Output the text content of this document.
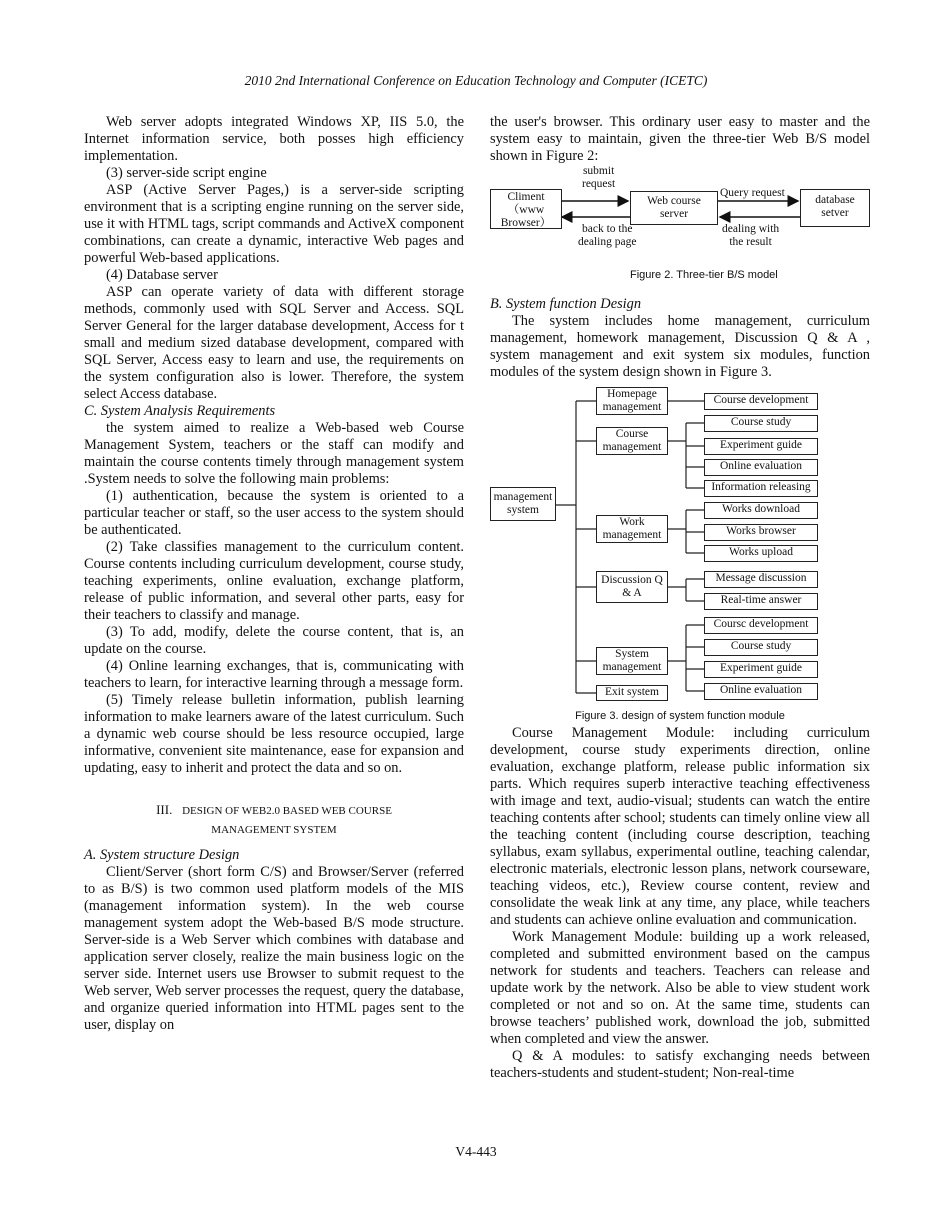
2010 2nd International Conference on Education Technology and Computer (ICETC)

Web server adopts integrated Windows XP, IIS 5.0, the Internet information service, both posses high efficiency implementation.

(3) server-side script engine

ASP (Active Server Pages,) is a server-side scripting environment that is a scripting engine running on the server side, use it with HTML tags, script commands and ActiveX component combinations, can create a dynamic, interactive Web pages and powerful Web-based applications.

(4) Database server

ASP can operate variety of data with different storage methods, commonly used with SQL Server and Access. SQL Server General for the larger database development, Access for t small and medium sized database development, compared with SQL Server, Access easy to learn and use, the requirements on the system configuration also is lower. Therefore, the system select Access database.

C. System Analysis Requirements

the system aimed to realize a Web-based web Course Management System, teachers or the staff can modify and maintain the course contents timely through management system .System needs to solve the following main problems:

(1) authentication, because the system is oriented to a particular teacher or staff, so the user access to the system should be authenticated.

(2) Take classifies management to the curriculum content. Course contents including curriculum development, course study, teaching experiments, online evaluation, exchange platform, release of public information, and several other parts, easy for their teachers to classify and manage.

(3) To add, modify, delete the course content, that is, an update on the course.

(4) Online learning exchanges, that is, communicating with teachers to learn, for interactive learning through a message form.

(5) Timely release bulletin information, publish learning information to make learners aware of the latest curriculum. Such a dynamic web course should be less resource occupied, large informative, convenient site maintenance, ease for expansion and updating, easy to inherit and protect the data and so on.

III. DESIGN OF WEB2.0 BASED WEB COURSE
MANAGEMENT SYSTEM

A. System structure Design

Client/Server (short form C/S) and Browser/Server (referred to as B/S) is two common used platform models of the MIS (management information system). In the web course management system adopt the Web-based B/S mode structure. Server-side is a Web Server which combines with database and application server closely, realize the main business logic on the server side. Internet users use Browser to submit request to the Web server, Web server processes the request, query the database, and organize queried information into HTML pages sent to the user, display on

the user's browser. This ordinary user easy to master and the system easy to maintain, given the three-tier Web B/S model shown in Figure 2:

Climent
（www
Browser）
Web course
server
database
setver
submit
request
Query request
back to the
dealing page
dealing with
the result
Figure 2. Three-tier B/S model

B. System function Design

The system includes home management, curriculum management, homework management, Discussion Q & A , system management and exit system six modules, function modules of the system design shown in Figure 3.

management
system
Homepage
management
Course
management
Work
management
Discussion Q
& A
System
management
Exit system
Course development
Course study
Experiment guide
Online evaluation
Information releasing
Works download
Works browser
Works upload
Message discussion
Real-time answer
Coursс development
Course study
Experiment guide
Online evaluation
Figure 3. design of system function module

Course Management Module: including curriculum development, course study experiments direction, online evaluation, exchange platform, release public information six parts. Which requires superb interactive teaching effectiveness with image and text, audio-visual; students can watch the entire teaching contents after school; students can timely online view all the teaching content (including course description, teaching syllabus, exam syllabus, experimental outline, teaching calendar, electronic materials, electronic lesson plans, network courseware, teaching videos, etc.), Review course content, review and consolidate the weak link at any time, any place, while teachers and students can achieve online evaluation and communication.

Work Management Module: building up a work released, completed and submitted environment based on the campus network for students and teachers. Teachers can release and update work by the network. Also be able to view student work completed or not and so on. At the same time, students can browse teachers’ published work, download the job, submitted when completed and view the answer.

Q & A modules: to satisfy exchanging needs between teachers-students and student-student; Non-real-time

V4-443
